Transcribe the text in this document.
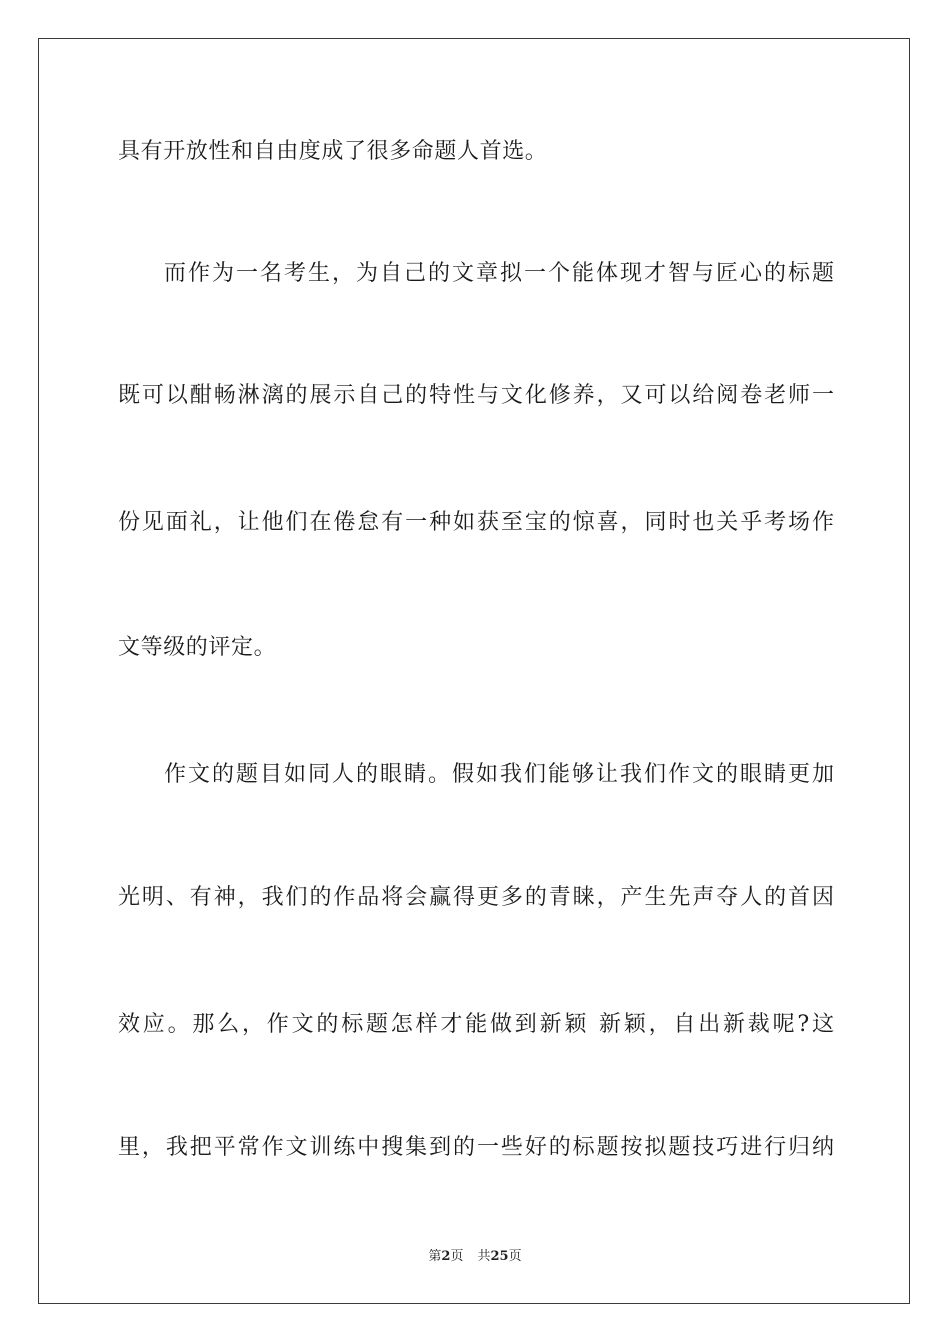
具有开放性和自由度成了很多命题人首选。
而作为一名考生，为自己的文章拟一个能体现才智与匠心的标题
既可以酣畅淋漓的展示自己的特性与文化修养，又可以给阅卷老师一
份见面礼，让他们在倦怠有一种如获至宝的惊喜，同时也关乎考场作
文等级的评定。
作文的题目如同人的眼睛。假如我们能够让我们作文的眼睛更加
光明、有神，我们的作品将会赢得更多的青睐，产生先声夺人的首因
效应。那么，作文的标题怎样才能做到新颖 新颖，自出新裁呢?这
里，我把平常作文训练中搜集到的一些好的标题按拟题技巧进行归纳
第2页 共25页
